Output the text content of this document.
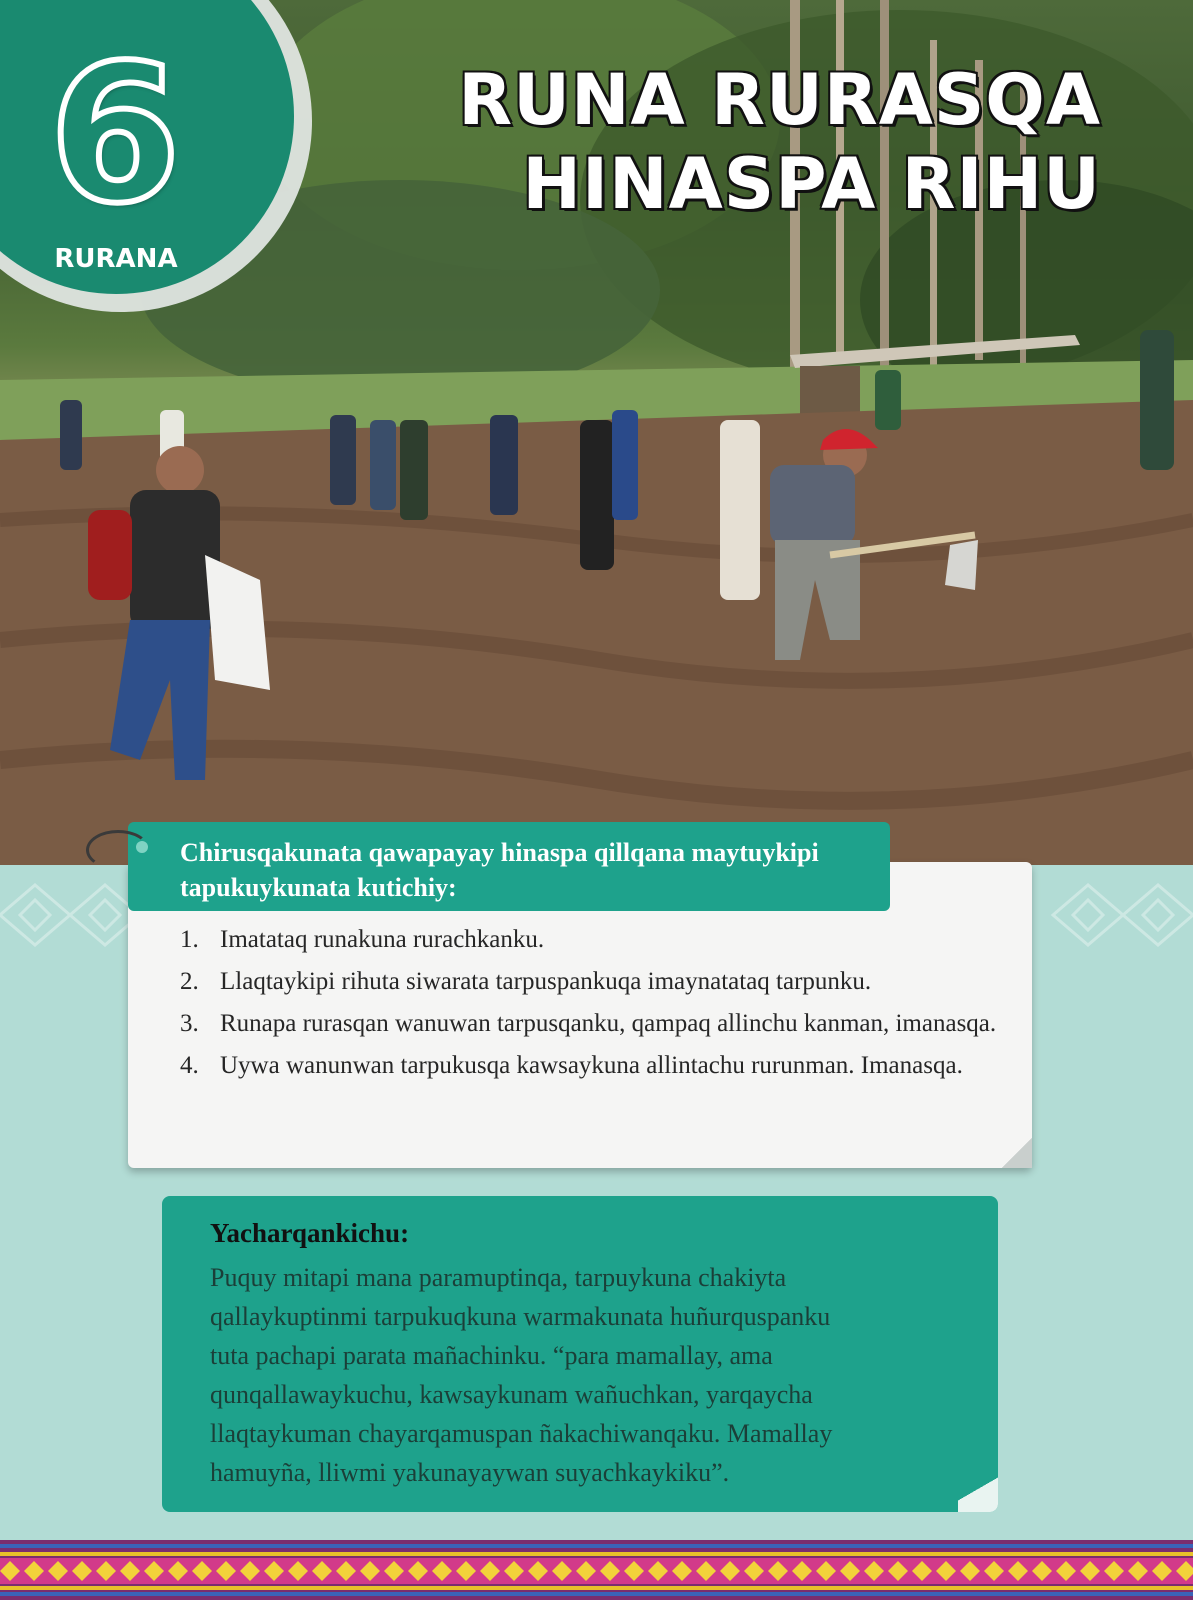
6
RURANA
RUNA RURASQA
HINASPA RIHU
Chirusqakunata qawapayay hinaspa qillqana maytuykipi tapukuykunata kutichiy:
1. Imatataq runakuna rurachkanku.
2. Llaqtaykipi rihuta siwarata tarpuspankuqa imaynatataq tarpunku.
3. Runapa rurasqan wanuwan tarpusqanku, qampaq allinchu kanman, imanasqa.
4. Uywa wanunwan tarpukusqa kawsaykuna allintachu rurunman. Imanasqa.
Yacharqankichu:
Puquy mitapi mana paramuptinqa, tarpuykuna chakiyta
qallaykuptinmi tarpukuqkuna warmakunata huñurquspanku
tuta pachapi parata mañachinku. “para mamallay, ama
qunqallawaykuchu, kawsaykunam wañuchkan, yarqaycha
llaqtaykuman chayarqamuspan ñakachiwanqaku. Mamallay
hamuyña, lliwmi yakunayaywan suyachkaykiku”.
